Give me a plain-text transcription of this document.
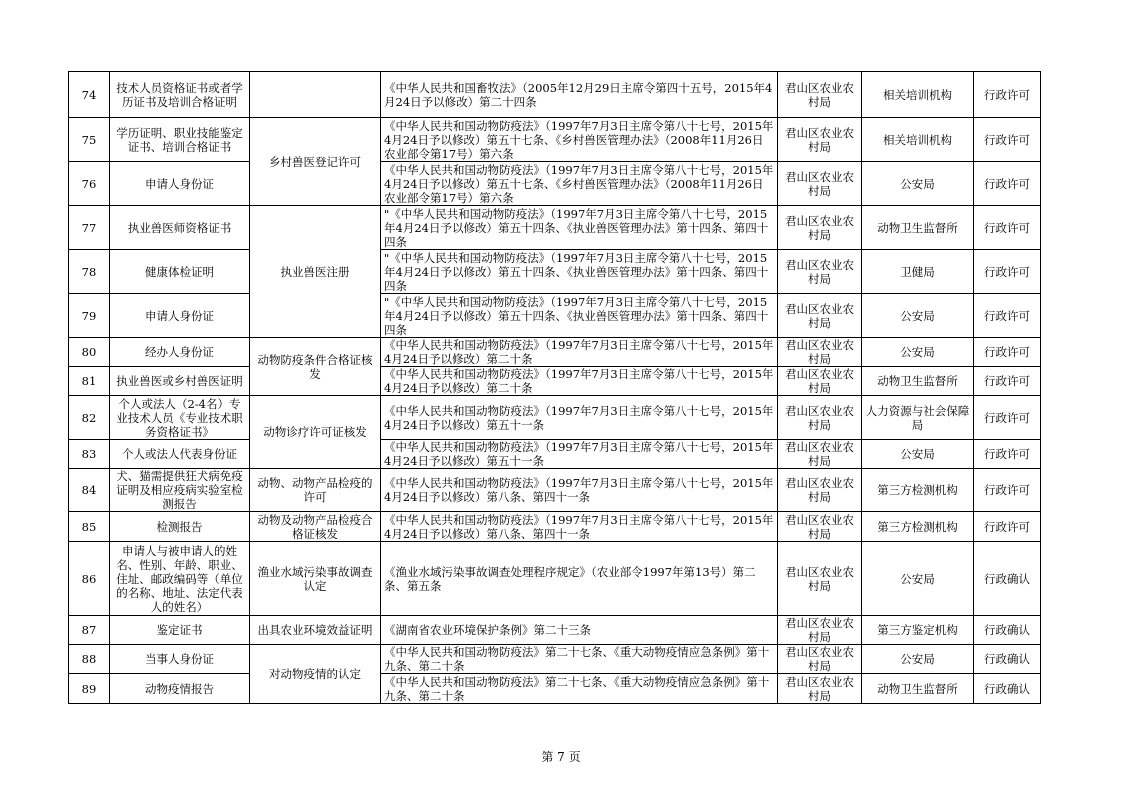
74	技术人员资格证书或者学历证书及培训合格证明		《中华人民共和国畜牧法》（2005年12月29日主席令第四十五号，2015年4月24日予以修改）第二十四条	君山区农业农村局	相关培训机构	行政许可
75	学历证明、职业技能鉴定证书、培训合格证书	乡村兽医登记许可	《中华人民共和国动物防疫法》（1997年7月3日主席令第八十七号，2015年4月24日予以修改）第五十七条、《乡村兽医管理办法》（2008年11月26日农业部令第17号）第六条	君山区农业农村局	相关培训机构	行政许可
76	申请人身份证		《中华人民共和国动物防疫法》（1997年7月3日主席令第八十七号，2015年4月24日予以修改）第五十七条、《乡村兽医管理办法》（2008年11月26日农业部令第17号）第六条	君山区农业农村局	公安局	行政许可
77	执业兽医师资格证书	执业兽医注册	"《中华人民共和国动物防疫法》（1997年7月3日主席令第八十七号，2015年4月24日予以修改）第五十四条、《执业兽医管理办法》第十四条、第四十四条	君山区农业农村局	动物卫生监督所	行政许可
78	健康体检证明		"《中华人民共和国动物防疫法》（1997年7月3日主席令第八十七号，2015年4月24日予以修改）第五十四条、《执业兽医管理办法》第十四条、第四十四条	君山区农业农村局	卫健局	行政许可
79	申请人身份证		"《中华人民共和国动物防疫法》（1997年7月3日主席令第八十七号，2015年4月24日予以修改）第五十四条、《执业兽医管理办法》第十四条、第四十四条	君山区农业农村局	公安局	行政许可
80	经办人身份证	动物防疫条件合格证核发	《中华人民共和国动物防疫法》（1997年7月3日主席令第八十七号，2015年4月24日予以修改）第二十条	君山区农业农村局	公安局	行政许可
81	执业兽医或乡村兽医证明		《中华人民共和国动物防疫法》（1997年7月3日主席令第八十七号，2015年4月24日予以修改）第二十条	君山区农业农村局	动物卫生监督所	行政许可
82	个人或法人（2-4名）专业技术人员《专业技术职务资格证书》	动物诊疗许可证核发	《中华人民共和国动物防疫法》（1997年7月3日主席令第八十七号，2015年4月24日予以修改）第五十一条	君山区农业农村局	人力资源与社会保障局	行政许可
83	个人或法人代表身份证		《中华人民共和国动物防疫法》（1997年7月3日主席令第八十七号，2015年4月24日予以修改）第五十一条	君山区农业农村局	公安局	行政许可
84	犬、猫需提供狂犬病免疫证明及相应疫病实验室检测报告	动物、动物产品检疫的许可	《中华人民共和国动物防疫法》（1997年7月3日主席令第八十七号，2015年4月24日予以修改）第八条、第四十一条	君山区农业农村局	第三方检测机构	行政许可
85	检测报告	动物及动物产品检疫合格证核发	《中华人民共和国动物防疫法》（1997年7月3日主席令第八十七号，2015年4月24日予以修改）第八条、第四十一条	君山区农业农村局	第三方检测机构	行政许可
86	申请人与被申请人的姓名、性别、年龄、职业、住址、邮政编码等（单位的名称、地址、法定代表人的姓名）	渔业水域污染事故调查认定	《渔业水域污染事故调查处理程序规定》（农业部令1997年第13号）第二条、第五条	君山区农业农村局	公安局	行政确认
87	鉴定证书	出具农业环境效益证明	《湖南省农业环境保护条例》第二十三条	君山区农业农村局	第三方鉴定机构	行政确认
88	当事人身份证	对动物疫情的认定	《中华人民共和国动物防疫法》第二十七条、《重大动物疫情应急条例》第十九条、第二十条	君山区农业农村局	公安局	行政确认
89	动物疫情报告		《中华人民共和国动物防疫法》第二十七条、《重大动物疫情应急条例》第十九条、第二十条	君山区农业农村局	动物卫生监督所	行政确认
第 7 页
